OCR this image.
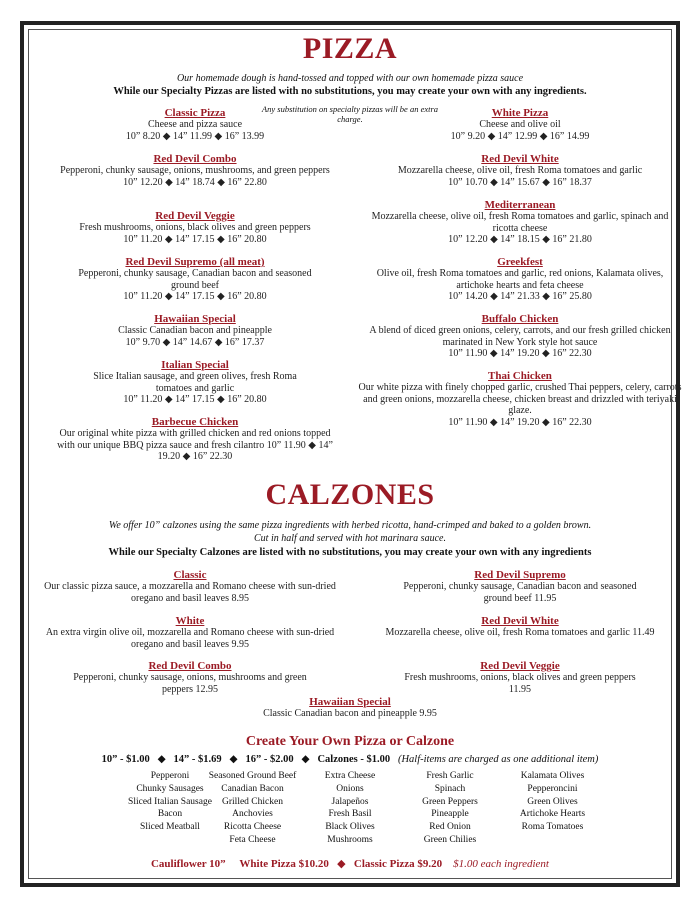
PIZZA
Our homemade dough is hand-tossed and topped with our own homemade pizza sauce
While our Specialty Pizzas are listed with no substitutions, you may create your own with any ingredients.
Any substitution on specialty pizzas will be an extra charge.
Classic Pizza
Cheese and pizza sauce
10” 8.20 ◆ 14” 11.99 ◆ 16” 13.99
Red Devil Combo
Pepperoni, chunky sausage, onions, mushrooms, and green peppers
10” 12.20 ◆ 14” 18.74 ◆ 16” 22.80
Red Devil Veggie
Fresh mushrooms, onions, black olives and green peppers
10” 11.20 ◆ 14” 17.15 ◆ 16” 20.80
Red Devil Supremo (all meat)
Pepperoni, chunky sausage, Canadian bacon and seasoned ground beef
10” 11.20 ◆ 14” 17.15 ◆ 16” 20.80
Hawaiian Special
Classic Canadian bacon and pineapple
10” 9.70 ◆ 14” 14.67 ◆ 16” 17.37
Italian Special
Slice Italian sausage, and green olives, fresh Roma tomatoes and garlic
10” 11.20 ◆ 14” 17.15 ◆ 16” 20.80
Barbecue Chicken
Our original white pizza with grilled chicken and red onions topped with our unique BBQ pizza sauce and fresh cilantro 10” 11.90 ◆ 14” 19.20 ◆ 16” 22.30
White Pizza
Cheese and olive oil
10” 9.20 ◆ 14” 12.99 ◆ 16” 14.99
Red Devil White
Mozzarella cheese, olive oil, fresh Roma tomatoes and garlic
10” 10.70 ◆ 14” 15.67 ◆ 16” 18.37
Mediterranean
Mozzarella cheese, olive oil, fresh Roma tomatoes and garlic, spinach and ricotta cheese
10” 12.20 ◆ 14” 18.15 ◆ 16” 21.80
Greekfest
Olive oil, fresh Roma tomatoes and garlic, red onions, Kalamata olives, artichoke hearts and feta cheese
10” 14.20 ◆ 14” 21.33 ◆ 16” 25.80
Buffalo Chicken
A blend of diced green onions, celery, carrots, and our fresh grilled chicken marinated in New York style hot sauce
10” 11.90 ◆ 14” 19.20 ◆ 16” 22.30
Thai Chicken
Our white pizza with finely chopped garlic, crushed Thai peppers, celery, carrots and green onions, mozzarella cheese, chicken breast and drizzled with teriyaki glaze.
10” 11.90 ◆ 14” 19.20 ◆ 16” 22.30
CALZONES
We offer 10” calzones using the same pizza ingredients with herbed ricotta, hand-crimped and baked to a golden brown.
Cut in half and served with hot marinara sauce.
While our Specialty Calzones are listed with no substitutions, you may create your own with any ingredients
Classic
Our classic pizza sauce, a mozzarella and Romano cheese with sun-dried oregano and basil leaves 8.95
White
An extra virgin olive oil, mozzarella and Romano cheese with sun-dried oregano and basil leaves 9.95
Red Devil Combo
Pepperoni, chunky sausage, onions, mushrooms and green peppers 12.95
Red Devil Supremo
Pepperoni, chunky sausage, Canadian bacon and seasoned ground beef 11.95
Red Devil White
Mozzarella cheese, olive oil, fresh Roma tomatoes and garlic 11.49
Red Devil Veggie
Fresh mushrooms, onions, black olives and green peppers 11.95
Hawaiian Special
Classic Canadian bacon and pineapple 9.95
Create Your Own Pizza or Calzone
10” - $1.00 ◆ 14” - $1.69 ◆ 16” - $2.00 ◆ Calzones - $1.00 (Half-items are charged as one additional item)
Pepperoni
Chunky Sausages
Sliced Italian Sausage
Bacon
Sliced Meatball
Seasoned Ground Beef
Canadian Bacon
Grilled Chicken
Anchovies
Ricotta Cheese
Feta Cheese
Extra Cheese
Onions
Jalapeños
Fresh Basil
Black Olives
Mushrooms
Fresh Garlic
Spinach
Green Peppers
Pineapple
Red Onion
Green Chilies
Kalamata Olives
Pepperoncini
Green Olives
Artichoke Hearts
Roma Tomatoes
Cauliflower 10” White Pizza $10.20 ◆ Classic Pizza $9.20 $1.00 each ingredient
